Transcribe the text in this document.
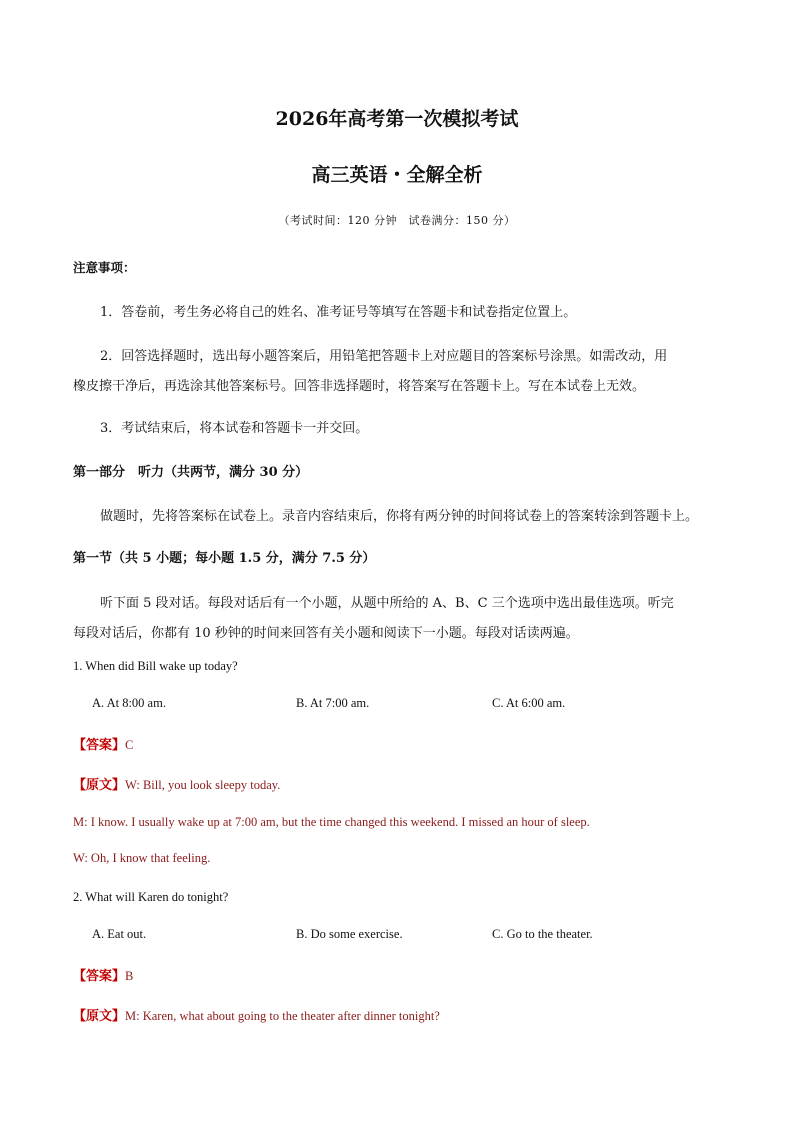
2026年高考第一次模拟考试
高三英语・全解全析
（考试时间：120 分钟　试卷满分：150 分）
注意事项：
1．答卷前，考生务必将自己的姓名、准考证号等填写在答题卡和试卷指定位置上。
2．回答选择题时，选出每小题答案后，用铅笔把答题卡上对应题目的答案标号涂黑。如需改动，用
橡皮擦干净后，再选涂其他答案标号。回答非选择题时，将答案写在答题卡上。写在本试卷上无效。
3．考试结束后，将本试卷和答题卡一并交回。
第一部分　听力（共两节，满分 30 分）
做题时，先将答案标在试卷上。录音内容结束后，你将有两分钟的时间将试卷上的答案转涂到答题卡上。
第一节（共 5 小题；每小题 1.5 分，满分 7.5 分）
听下面 5 段对话。每段对话后有一个小题，从题中所给的 A、B、C 三个选项中选出最佳选项。听完
每段对话后，你都有 10 秒钟的时间来回答有关小题和阅读下一小题。每段对话读两遍。
1. When did Bill wake up today?
A. At 8:00 am.	B. At 7:00 am.	C. At 6:00 am.
【答案】C
【原文】W: Bill, you look sleepy today.
M: I know. I usually wake up at 7:00 am, but the time changed this weekend. I missed an hour of sleep.
W: Oh, I know that feeling.
2. What will Karen do tonight?
A. Eat out.	B. Do some exercise.	C. Go to the theater.
【答案】B
【原文】M: Karen, what about going to the theater after dinner tonight?
